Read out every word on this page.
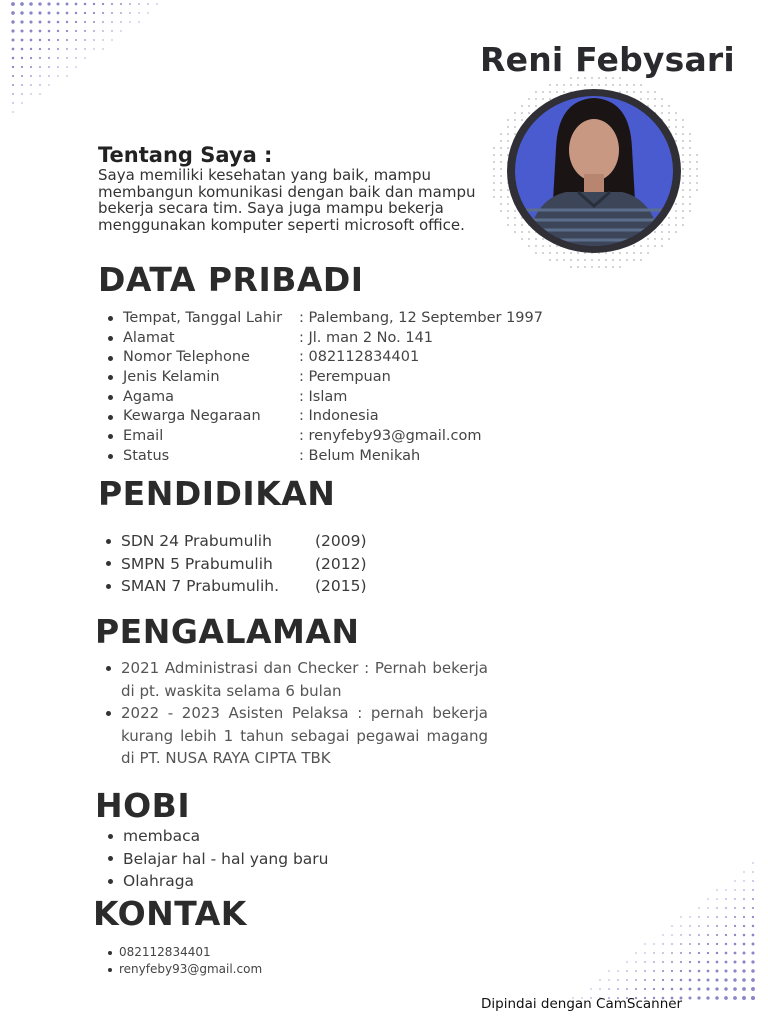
Reni Febysari
Tentang Saya :
Saya memiliki kesehatan yang baik, mampu membangun komunikasi dengan baik dan mampu bekerja secara tim. Saya juga mampu bekerja menggunakan komputer seperti microsoft office.
DATA PRIBADI
Tempat, Tanggal Lahir	: Palembang, 12 September 1997
Alamat	: Jl. man 2 No. 141
Nomor Telephone	: 082112834401
Jenis Kelamin	: Perempuan
Agama	: Islam
Kewarga Negaraan	: Indonesia
Email	: renyfeby93@gmail.com
Status	: Belum Menikah
PENDIDIKAN
SDN 24 Prabumulih	(2009)
SMPN 5 Prabumulih	(2012)
SMAN 7 Prabumulih.	(2015)
PENGALAMAN
2021 Administrasi dan Checker : Pernah bekerja di pt. waskita selama 6 bulan
2022 - 2023 Asisten Pelaksa : pernah bekerja kurang lebih 1 tahun sebagai pegawai magang di PT. NUSA RAYA CIPTA TBK
HOBI
membaca
Belajar hal - hal yang baru
Olahraga
KONTAK
082112834401
renyfeby93@gmail.com
Dipindai dengan CamScanner
